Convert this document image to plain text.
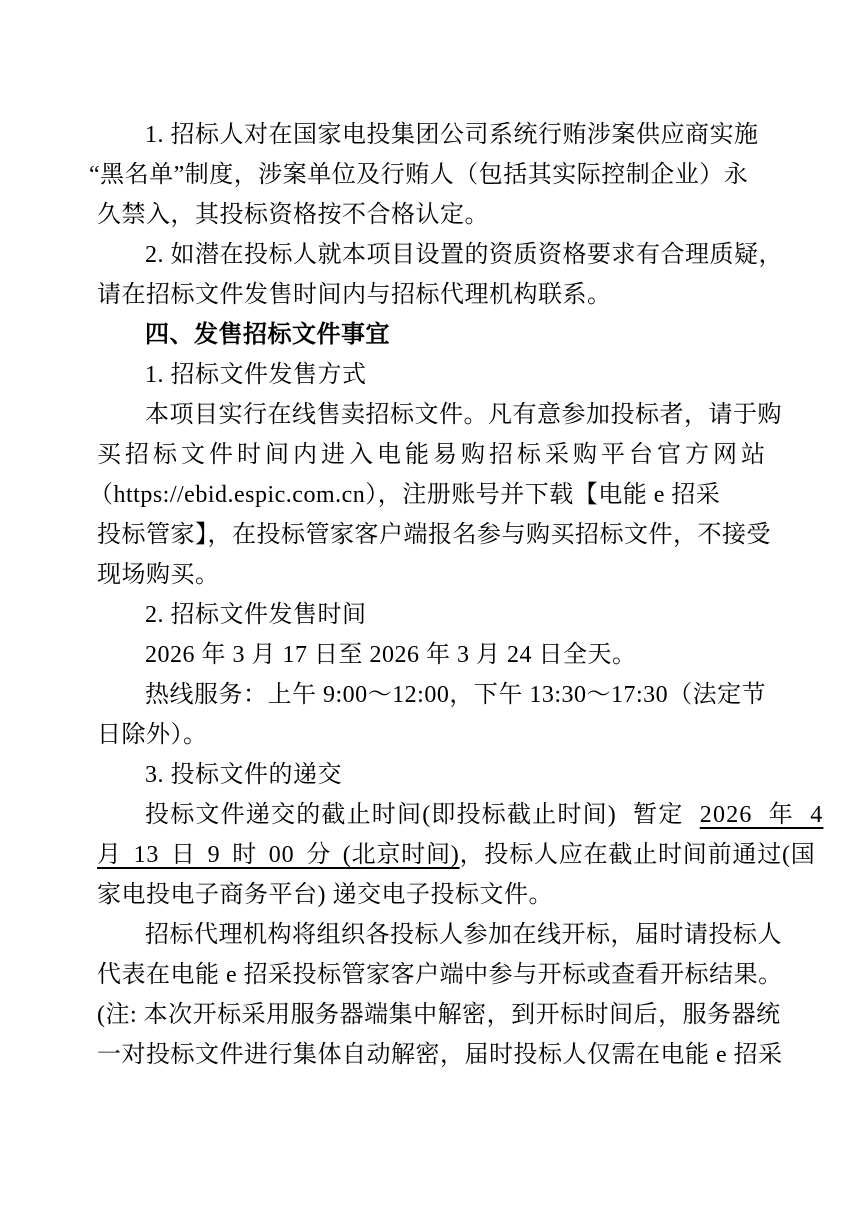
1. 招标人对在国家电投集团公司系统行贿涉案供应商实施
“黑名单”制度，涉案单位及行贿人（包括其实际控制企业）永
久禁入，其投标资格按不合格认定。
2. 如潜在投标人就本项目设置的资质资格要求有合理质疑，
请在招标文件发售时间内与招标代理机构联系。
四、发售招标文件事宜
1. 招标文件发售方式
本项目实行在线售卖招标文件。凡有意参加投标者，请于购
买招标文件时间内进入电能易购招标采购平台官方网站
（https://ebid.espic.com.cn），注册账号并下载【电能 e 招采
投标管家】，在投标管家客户端报名参与购买招标文件，不接受
现场购买。
2. 招标文件发售时间
2026 年 3 月 17 日至 2026 年 3 月 24 日全天。
热线服务：上午 9:00～12:00，下午 13:30～17:30（法定节
日除外）。
3. 投标文件的递交
投标文件递交的截止时间(即投标截止时间) 暂定 2026 年 4
月 13 日 9 时 00 分 (北京时间)，投标人应在截止时间前通过(国
家电投电子商务平台) 递交电子投标文件。
招标代理机构将组织各投标人参加在线开标，届时请投标人
代表在电能 e 招采投标管家客户端中参与开标或查看开标结果。
(注: 本次开标采用服务器端集中解密，到开标时间后，服务器统
一对投标文件进行集体自动解密，届时投标人仅需在电能 e 招采
